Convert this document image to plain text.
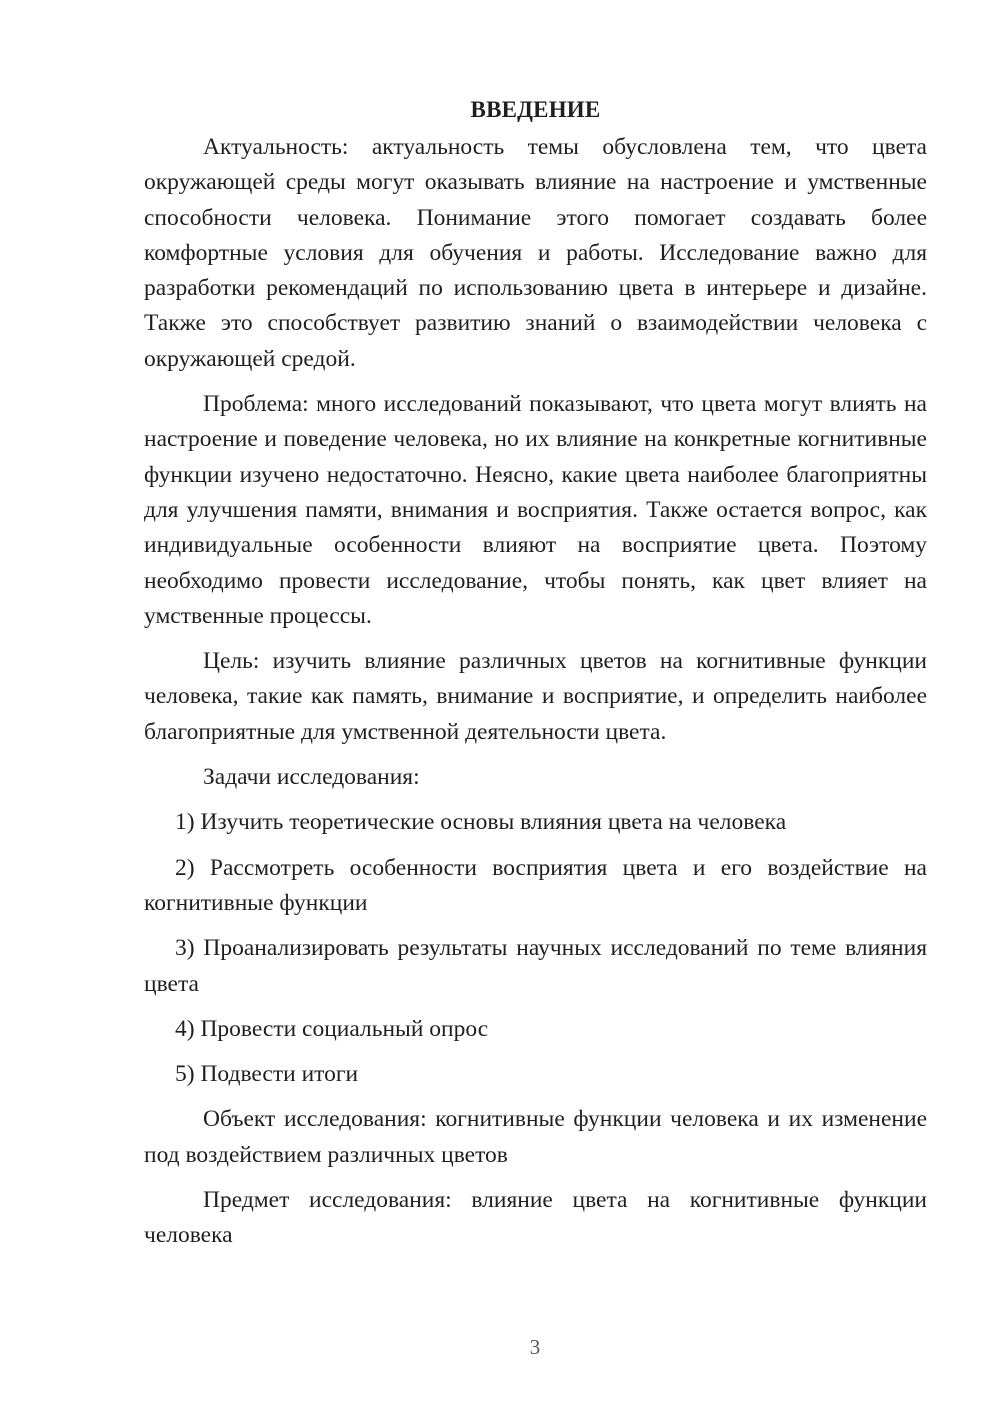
ВВЕДЕНИЕ

Актуальность: актуальность темы обусловлена тем, что цвета окружающей среды могут оказывать влияние на настроение и умственные способности человека. Понимание этого помогает создавать более комфортные условия для обучения и работы. Исследование важно для разработки рекомендаций по использованию цвета в интерьере и дизайне. Также это способствует развитию знаний о взаимодействии человека с окружающей средой.

Проблема: много исследований показывают, что цвета могут влиять на настроение и поведение человека, но их влияние на конкретные когнитивные функции изучено недостаточно. Неясно, какие цвета наиболее благоприятны для улучшения памяти, внимания и восприятия. Также остается вопрос, как индивидуальные особенности влияют на восприятие цвета. Поэтому необходимо провести исследование, чтобы понять, как цвет влияет на умственные процессы.

Цель: изучить влияние различных цветов на когнитивные функции человека, такие как память, внимание и восприятие, и определить наиболее благоприятные для умственной деятельности цвета.

Задачи исследования:

1) Изучить теоретические основы влияния цвета на человека

2) Рассмотреть особенности восприятия цвета и его воздействие на когнитивные функции

3) Проанализировать результаты научных исследований по теме влияния цвета

4) Провести социальный опрос

5) Подвести итоги

Объект исследования: когнитивные функции человека и их изменение под воздействием различных цветов

Предмет исследования: влияние цвета на когнитивные функции человека

3
